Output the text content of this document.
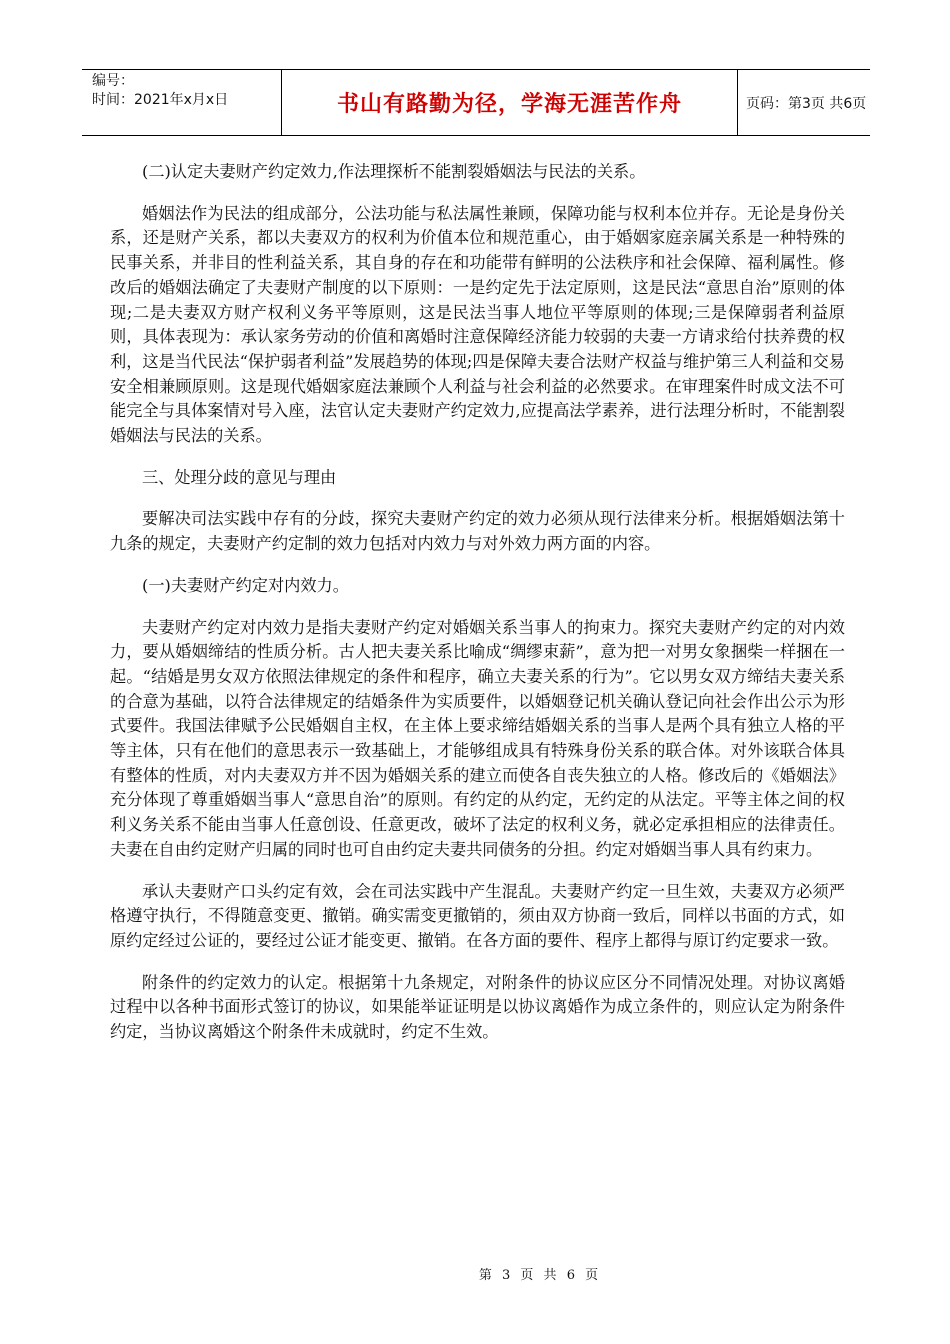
编号：
时间：2021年x月x日	书山有路勤为径，学海无涯苦作舟	页码：第3页 共6页

(二)认定夫妻财产约定效力,作法理探析不能割裂婚姻法与民法的关系。

婚姻法作为民法的组成部分，公法功能与私法属性兼顾，保障功能与权利本位并存。无论是身份关系，还是财产关系，都以夫妻双方的权利为价值本位和规范重心，由于婚姻家庭亲属关系是一种特殊的民事关系，并非目的性利益关系，其自身的存在和功能带有鲜明的公法秩序和社会保障、福利属性。修改后的婚姻法确定了夫妻财产制度的以下原则：一是约定先于法定原则，这是民法“意思自治”原则的体现;二是夫妻双方财产权利义务平等原则，这是民法当事人地位平等原则的体现;三是保障弱者利益原则，具体表现为：承认家务劳动的价值和离婚时注意保障经济能力较弱的夫妻一方请求给付扶养费的权利，这是当代民法“保护弱者利益”发展趋势的体现;四是保障夫妻合法财产权益与维护第三人利益和交易安全相兼顾原则。这是现代婚姻家庭法兼顾个人利益与社会利益的必然要求。在审理案件时成文法不可能完全与具体案情对号入座，法官认定夫妻财产约定效力,应提高法学素养，进行法理分析时，不能割裂婚姻法与民法的关系。

三、处理分歧的意见与理由

要解决司法实践中存有的分歧，探究夫妻财产约定的效力必须从现行法律来分析。根据婚姻法第十九条的规定，夫妻财产约定制的效力包括对内效力与对外效力两方面的内容。

(一)夫妻财产约定对内效力。

夫妻财产约定对内效力是指夫妻财产约定对婚姻关系当事人的拘束力。探究夫妻财产约定的对内效力，要从婚姻缔结的性质分析。古人把夫妻关系比喻成“绸缪束薪”，意为把一对男女象捆柴一样捆在一起。“结婚是男女双方依照法律规定的条件和程序，确立夫妻关系的行为”。它以男女双方缔结夫妻关系的合意为基础，以符合法律规定的结婚条件为实质要件，以婚姻登记机关确认登记向社会作出公示为形式要件。我国法律赋予公民婚姻自主权，在主体上要求缔结婚姻关系的当事人是两个具有独立人格的平等主体，只有在他们的意思表示一致基础上，才能够组成具有特殊身份关系的联合体。对外该联合体具有整体的性质，对内夫妻双方并不因为婚姻关系的建立而使各自丧失独立的人格。修改后的《婚姻法》充分体现了尊重婚姻当事人“意思自治”的原则。有约定的从约定，无约定的从法定。平等主体之间的权利义务关系不能由当事人任意创设、任意更改，破坏了法定的权利义务，就必定承担相应的法律责任。夫妻在自由约定财产归属的同时也可自由约定夫妻共同债务的分担。约定对婚姻当事人具有约束力。

承认夫妻财产口头约定有效，会在司法实践中产生混乱。夫妻财产约定一旦生效，夫妻双方必须严格遵守执行，不得随意变更、撤销。确实需变更撤销的，须由双方协商一致后，同样以书面的方式，如原约定经过公证的，要经过公证才能变更、撤销。在各方面的要件、程序上都得与原订约定要求一致。

附条件的约定效力的认定。根据第十九条规定，对附条件的协议应区分不同情况处理。对协议离婚过程中以各种书面形式签订的协议，如果能举证证明是以协议离婚作为成立条件的，则应认定为附条件约定，当协议离婚这个附条件未成就时，约定不生效。

第 3 页 共 6 页
